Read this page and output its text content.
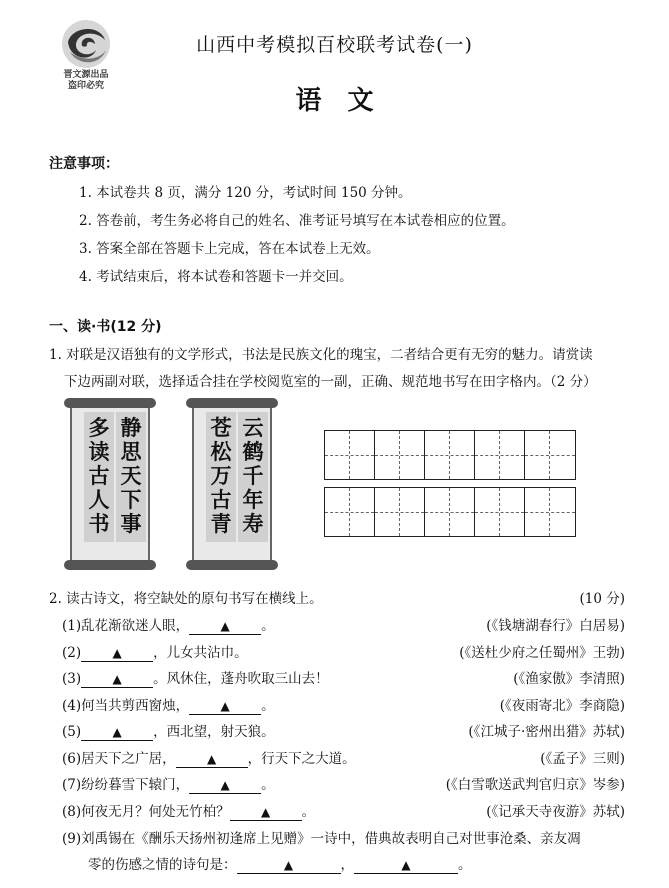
晋文源出品
盗印必究
山西中考模拟百校联考试卷(一)
语文
注意事项：
1. 本试卷共 8 页，满分 120 分，考试时间 150 分钟。
2. 答卷前，考生务必将自己的姓名、准考证号填写在本试卷相应的位置。
3. 答案全部在答题卡上完成，答在本试卷上无效。
4. 考试结束后，将本试卷和答题卡一并交回。
一、读·书(12 分)
1. 对联是汉语独有的文学形式，书法是民族文化的瑰宝，二者结合更有无穷的魅力。请赏读
下边两副对联，选择适合挂在学校阅览室的一副，正确、规范地书写在田字格内。（2 分）
多
读
古
人
书
静
思
天
下
事
苍
松
万
古
青
云
鹤
千
年
寿
2. 读古诗文，将空缺处的原句书写在横线上。	(10 分)
(1)乱花渐欲迷人眼，	▲ 。	(《钱塘湖春行》白居易)
(2)	▲ ，儿女共沾巾。	(《送杜少府之任蜀州》王勃)
(3)	▲ 。风休住，蓬舟吹取三山去！	(《渔家傲》李清照)
(4)何当共剪西窗烛，	▲ 。	(《夜雨寄北》李商隐)
(5)	▲ ，西北望，射天狼。	(《江城子·密州出猎》苏轼)
(6)居天下之广居，	▲ ，行天下之大道。	(《孟子》三则)
(7)纷纷暮雪下辕门，	▲ 。	(《白雪歌送武判官归京》岑参)
(8)何夜无月？何处无竹柏？	▲ 。	(《记承天寺夜游》苏轼)
(9)刘禹锡在《酬乐天扬州初逢席上见赠》一诗中，借典故表明自己对世事沧桑、亲友凋
零的伤感之情的诗句是：	▲	，	▲	。
